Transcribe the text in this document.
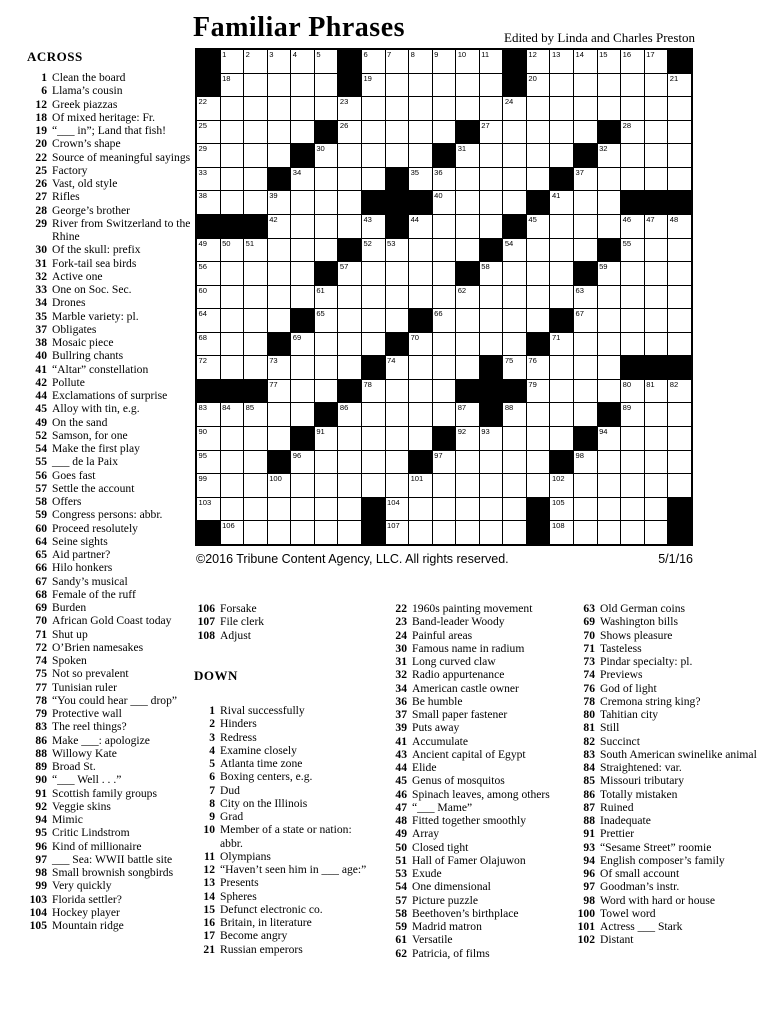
Familiar Phrases	Edited by Linda and Charles Preston
ACROSS
1 Clean the board
6 Llama’s cousin
12 Greek piazzas
18 Of mixed heritage: Fr.
19 “___ in”; Land that fish!
20 Crown’s shape
22 Source of meaningful sayings
25 Factory
26 Vast, old style
27 Rifles
28 George’s brother
29 River from Switzerland to the Rhine
30 Of the skull: prefix
31 Fork-tail sea birds
32 Active one
33 One on Soc. Sec.
34 Drones
35 Marble variety: pl.
37 Obligates
38 Mosaic piece
40 Bullring chants
41 “Altar” constellation
42 Pollute
44 Exclamations of surprise
45 Alloy with tin, e.g.
49 On the sand
52 Samson, for one
54 Make the first play
55 ___ de la Paix
56 Goes fast
57 Settle the account
58 Offers
59 Congress persons: abbr.
60 Proceed resolutely
64 Seine sights
65 Aid partner?
66 Hilo honkers
67 Sandy’s musical
68 Female of the ruff
69 Burden
70 African Gold Coast today
71 Shut up
72 O’Brien namesakes
74 Spoken
75 Not so prevalent
77 Tunisian ruler
78 “You could hear ___ drop”
79 Protective wall
83 The reel things?
86 Make ___: apologize
88 Willowy Kate
89 Broad St.
90 “___ Well . . .”
91 Scottish family groups
92 Veggie skins
94 Mimic
95 Critic Lindstrom
96 Kind of millionaire
97 ___ Sea: WWII battle site
98 Small brownish songbirds
99 Very quickly
103 Florida settler?
104 Hockey player
105 Mountain ridge
1	2	3	4	5	6	7	8	9	10 11	12 13 14 15 16 17
18	19	20	21
22	23	24
25	26	27	28
29	30	31	32
33	34	35 36	37
38	39	40	41
42	43	44	45	46 47 48
49 50 51	52 53	54	55
56	57	58	59
60	61	62	63
64	65	66	67
68	69	70	71
72	73	74	75 76
77	78	79	80 81 82
83 84 85	86	87	88	89
90	91	92 93	94
95	96	97	98
99	100	101	102
103	104	105
106	107	108
©2016 Tribune Content Agency, LLC. All rights reserved.	5/1/16
106 Forsake
107 File clerk
108 Adjust
DOWN
1 Rival successfully
2 Hinders
3 Redress
4 Examine closely
5 Atlanta time zone
6 Boxing centers, e.g.
7 Dud
8 City on the Illinois
9 Grad
10 Member of a state or nation: abbr.
11 Olympians
12 “Haven’t seen him in ___ age:”
13 Presents
14 Spheres
15 Defunct electronic co.
16 Britain, in literature
17 Become angry
21 Russian emperors
22 1960s painting movement
23 Band-leader Woody
24 Painful areas
30 Famous name in radium
31 Long curved claw
32 Radio appurtenance
34 American castle owner
36 Be humble
37 Small paper fastener
39 Puts away
41 Accumulate
43 Ancient capital of Egypt
44 Elide
45 Genus of mosquitos
46 Spinach leaves, among others
47 “___ Mame”
48 Fitted together smoothly
49 Array
50 Closed tight
51 Hall of Famer Olajuwon
53 Exude
54 One dimensional
57 Picture puzzle
58 Beethoven’s birthplace
59 Madrid matron
61 Versatile
62 Patricia, of films
63 Old German coins
69 Washington bills
70 Shows pleasure
71 Tasteless
73 Pindar specialty: pl.
74 Previews
76 God of light
78 Cremona string king?
80 Tahitian city
81 Still
82 Succinct
83 South American swinelike animal
84 Straightened: var.
85 Missouri tributary
86 Totally mistaken
87 Ruined
88 Inadequate
91 Prettier
93 “Sesame Street” roomie
94 English composer’s family
96 Of small account
97 Goodman’s instr.
98 Word with hard or house
100 Towel word
101 Actress ___ Stark
102 Distant
